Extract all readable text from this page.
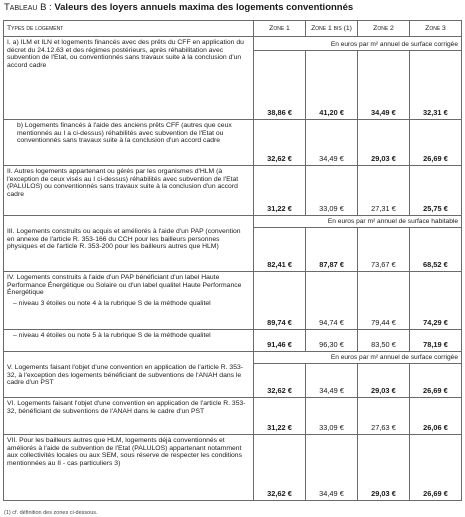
Tableau B : Valeurs des loyers annuels maxima des logements conventionnés
Types de logement	Zone 1	Zone 1 bis (1)	Zone 2	Zone 3
I. a) ILM et ILN et logements financés avec des prêts du CFF en application du décret du 24.12.63 et des régimes postérieurs, après réhabilitation avec subvention de l'Etat, ou conventionnés sans travaux suite à la conclusion d'un accord cadre	
En euros par m² annuel de surface corrigée
38,86 €	41,20 €	34,49 €	32,31 €

b) Logements financés à l'aide des anciens prêts CFF (autres que ceux mentionnés au I a ci-dessus) réhabilités avec subvention de l'Etat ou conventionnés sans travaux suite à la conclusion d'un accord cadre
	32,62 €	34,49 €	29,03 €	26,69 €
II. Autres logements appartenant ou gérés par les organismes d'HLM (à l'exception de ceux visés au I ci-dessus) réhabilités avec subvention de l'Etat (PALULOS) ou conventionnés sans travaux suite à la conclusion d'un accord cadre	31,22 €	33,09 €	27,31 €	25,75 €
III. Logements construits ou acquis et améliorés à l'aide d'un PAP (convention en annexe de l'article R. 353-166 du CCH pour les bailleurs personnes physiques et de l'article R. 353-200 pour les bailleurs autres que HLM)	
En euros par m² annuel de surface habitable
82,41 €	87,87 €	73,67 €	68,52 €

IV. Logements construits à l'aide d'un PAP bénéficiant d'un label Haute Performance Énergétique ou Solaire ou d'un label qualitel Haute Performance Énergétique
– niveau 3 étoiles ou note 4 à la rubrique S de la méthode qualitel
	89,74 €	94,74 €	79,44 €	74,29 €

– niveau 4 étoiles ou note 5 à la rubrique S de la méthode qualitel
	91,46 €	96,30 €	83,50 €	78,19 €
V. Logements faisant l'objet d'une convention en application de l'article R. 353-32, à l'exception des logements bénéficiant de subventions de l'ANAH dans le cadre d'un PST	
En euros par m² annuel de surface corrigée
32,62 €	34,49 €	29,03 €	26,69 €

VI. Logements faisant l'objet d'une convention en application de l'article R. 353-32, bénéficiant de subventions de l'ANAH dans le cadre d'un PST	31,22 €	33,09 €	27,63 €	26,06 €
VII. Pour les bailleurs autres que HLM, logements déjà conventionnés et améliorés à l'aide de subvention de l'Etat (PALULOS) appartenant notamment aux collectivités locales ou aux SEM, sous réserve de respecter les conditions mentionnées au II - cas particuliers 3)	32,62 €	34,49 €	29,03 €	26,69 €
(1) cf. définition des zones ci-dessous.
